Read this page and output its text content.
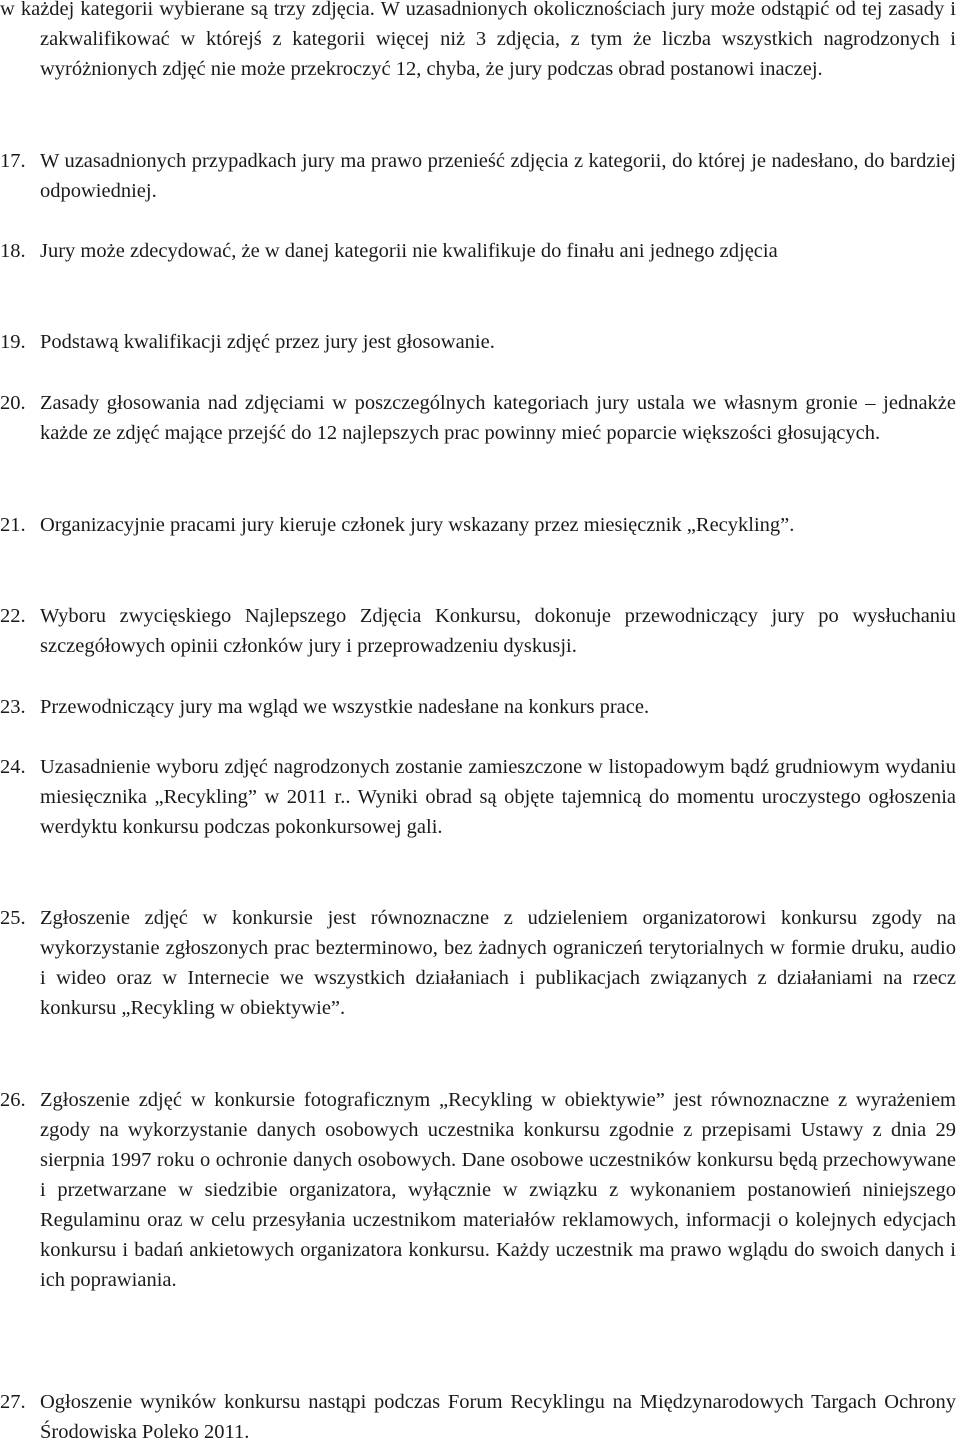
w każdej kategorii wybierane są trzy zdjęcia. W uzasadnionych okolicznościach jury może odstąpić od tej zasady i zakwalifikować w którejś z kategorii więcej niż 3 zdjęcia, z tym że liczba wszystkich nagrodzonych i wyróżnionych zdjęć nie może przekroczyć 12, chyba, że jury podczas obrad postanowi inaczej.

17. W uzasadnionych przypadkach jury ma prawo przenieść zdjęcia z kategorii, do której je nadesłano, do bardziej odpowiedniej.
18. Jury może zdecydować, że w danej kategorii nie kwalifikuje do finału ani jednego zdjęcia
19. Podstawą kwalifikacji zdjęć przez jury jest głosowanie.
20. Zasady głosowania nad zdjęciami w poszczególnych kategoriach jury ustala we własnym gronie – jednakże każde ze zdjęć mające przejść do 12 najlepszych prac powinny mieć poparcie większości głosujących.
21. Organizacyjnie pracami jury kieruje członek jury wskazany przez miesięcznik „Recykling”.
22. Wyboru zwycięskiego Najlepszego Zdjęcia Konkursu, dokonuje przewodniczący jury po wysłuchaniu szczegółowych opinii członków jury i przeprowadzeniu dyskusji.
23. Przewodniczący jury ma wgląd we wszystkie nadesłane na konkurs prace.
24. Uzasadnienie wyboru zdjęć nagrodzonych zostanie zamieszczone w listopadowym bądź grudniowym wydaniu miesięcznika „Recykling” w 2011 r.. Wyniki obrad są objęte tajemnicą do momentu uroczystego ogłoszenia werdyktu konkursu podczas pokonkursowej gali.
25. Zgłoszenie zdjęć w konkursie jest równoznaczne z udzieleniem organizatorowi konkursu zgody na wykorzystanie zgłoszonych prac bezterminowo, bez żadnych ograniczeń terytorialnych w formie druku, audio i wideo oraz w Internecie we wszystkich działaniach i publikacjach związanych z działaniami na rzecz konkursu „Recykling w obiektywie”.
26. Zgłoszenie zdjęć w konkursie fotograficznym „Recykling w obiektywie” jest równoznaczne z wyrażeniem zgody na wykorzystanie danych osobowych uczestnika konkursu zgodnie z przepisami Ustawy z dnia 29 sierpnia 1997 roku o ochronie danych osobowych. Dane osobowe uczestników konkursu będą przechowywane i przetwarzane w siedzibie organizatora, wyłącznie w związku z wykonaniem postanowień niniejszego Regulaminu oraz w celu przesyłania uczestnikom materiałów reklamowych, informacji o kolejnych edycjach konkursu i badań ankietowych organizatora konkursu. Każdy uczestnik ma prawo wglądu do swoich danych i ich poprawiania.
27. Ogłoszenie wyników konkursu nastąpi podczas Forum Recyklingu na Międzynarodowych Targach Ochrony Środowiska Poleko 2011.
